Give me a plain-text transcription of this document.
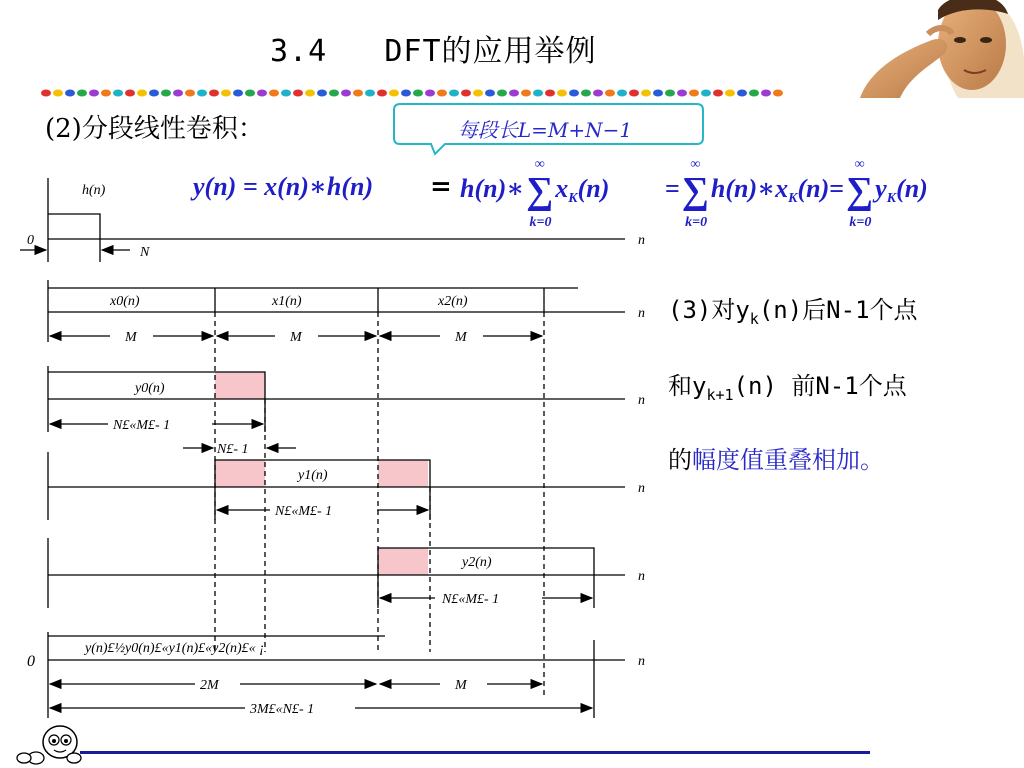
3.4   DFT的应用举例
(2)分段线性卷积：	每段长L=M+N−1
y(n) = x(n)∗h(n) = h(n)∗∑
∞
k=0
$x_K(n)$ =∑
∞
k=0
$h(n)∗x_K(n)=\sum$
∞
k=0
$y_K(n)$
(3)对$y_k(n)$后N-1个点
和$y_{k+1}(n)$ 前N-1个点
的幅度值重叠相加。
h(n)
0
N
n
x0(n)	x1(n)	x2(n)
n
M	M	M
y0(n)
n
N£«M£- 1
N£- 1
y1(n)
n
N£«M£- 1
y2(n)
n
N£«M£- 1
y(n)£½y0(n)£«y1(n)£«y2(n)£« ¡
0	n
2M	M
3M£«N£- 1
